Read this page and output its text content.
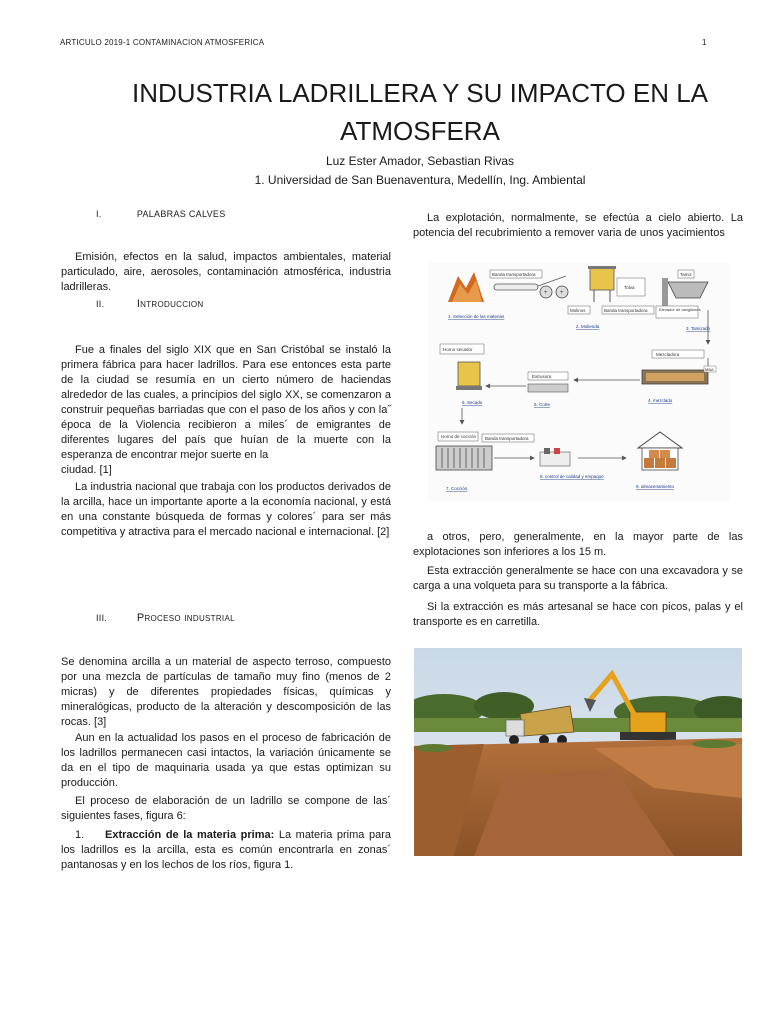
ARTICULO 2019-1 CONTAMINACION ATMOSFERICA	1
INDUSTRIA LADRILLERA Y SU IMPACTO EN LA ATMOSFERA
Luz Ester Amador, Sebastian Rivas
1. Universidad de San Buenaventura, Medellín, Ing. Ambiental
I.	PALABRAS CALVES

Emisión, efectos en la salud, impactos ambientales, material particulado, aire, aerosoles, contaminación atmosférica, industria ladrilleras.

II.	Introduccion

Fue a finales del siglo XIX que en San Cristóbal se instaló la primera fábrica para hacer ladrillos. Para ese entonces esta parte de la ciudad se resumía en un cierto número de haciendas alrededor de las cuales, a principios del siglo XX, se comenzaron a construir pequeñas barriadas que con el paso de los años y con la˝ época de la Violencia recibieron a miles´ de emigrantes de diferentes lugares del país que huían de la muerte con la esperanza de encontrar mejor suerte en la

ciudad. [1]

La industria nacional que trabaja con los productos derivados de la arcilla, hace un importante aporte a la economía nacional, y está en una constante búsqueda de formas y colores´ para ser más competitiva y atractiva para el mercado nacional e internacional. [2]

III.	Proceso industrial

Se denomina arcilla a un material de aspecto terroso, compuesto por una mezcla de partículas de tamaño muy fino (menos de 2 micras) y de diferentes propiedades físicas, químicas y mineralógicas, producto de la alteración y descomposición de las rocas. [3]

Aun en la actualidad los pasos en el proceso de fabricación de los ladrillos permanecen casi intactos, la variación únicamente se da en el tipo de maquinaria usada ya que estas optimizan su producción.

El proceso de elaboración de un ladrillo se compone de las´ siguientes fases, figura 6:

1. Extracción de la materia prima: La materia prima para los ladrillos es la arcilla, esta es común encontrarla en zonas´ pantanosas y en los lechos de los ríos, figura 1.

La explotación, normalmente, se efectúa a cielo abierto. La potencia del recubrimiento a remover varia de unos yacimientos

Banda transportadora
+ +
Tolva
Molinos	Banda transportadora
Tamiz
Elevador de cangilones
1. Selección de las materias
2. Molienda	3. Tamizado
Horno secador
Mezcladora
Extrusora
MBA
6. Secado	5. Corte
4. mezclado
Horno de cocción Banda transportadora
7. Cocción
8. control de calidad y empaque
9. almacenamiento

a otros, pero, generalmente, en la mayor parte de las explotaciones son inferiores a los 15 m.

Esta extracción generalmente se hace con una excavadora y se carga a una volqueta para su transporte a la fábrica.

Si la extracción es más artesanal se hace con picos, palas y el transporte es en carretilla.
